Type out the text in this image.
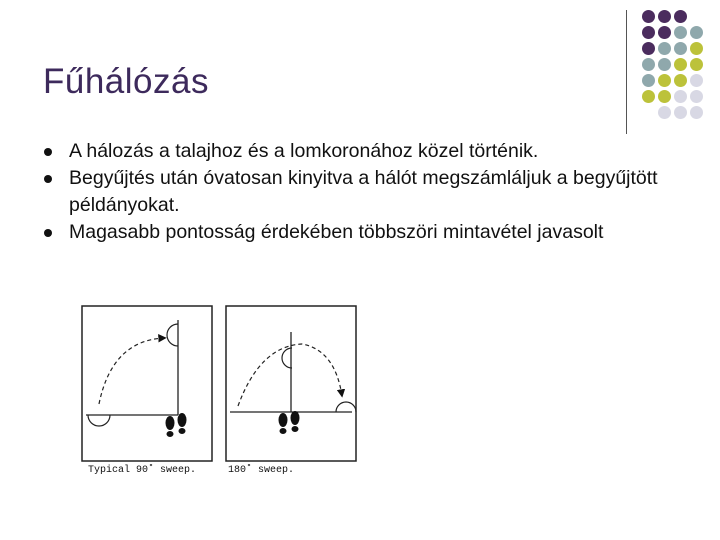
Fűhálózás
A hálozás a talajhoz és a lomkoronához közel történik.
Begyűjtés után óvatosan kinyitva a hálót megszámláljuk a begyűjtött példányokat.
Magasabb pontosság érdekében többszöri mintavétel javasolt
Typical 90˚ sweep.	180˚ sweep.
